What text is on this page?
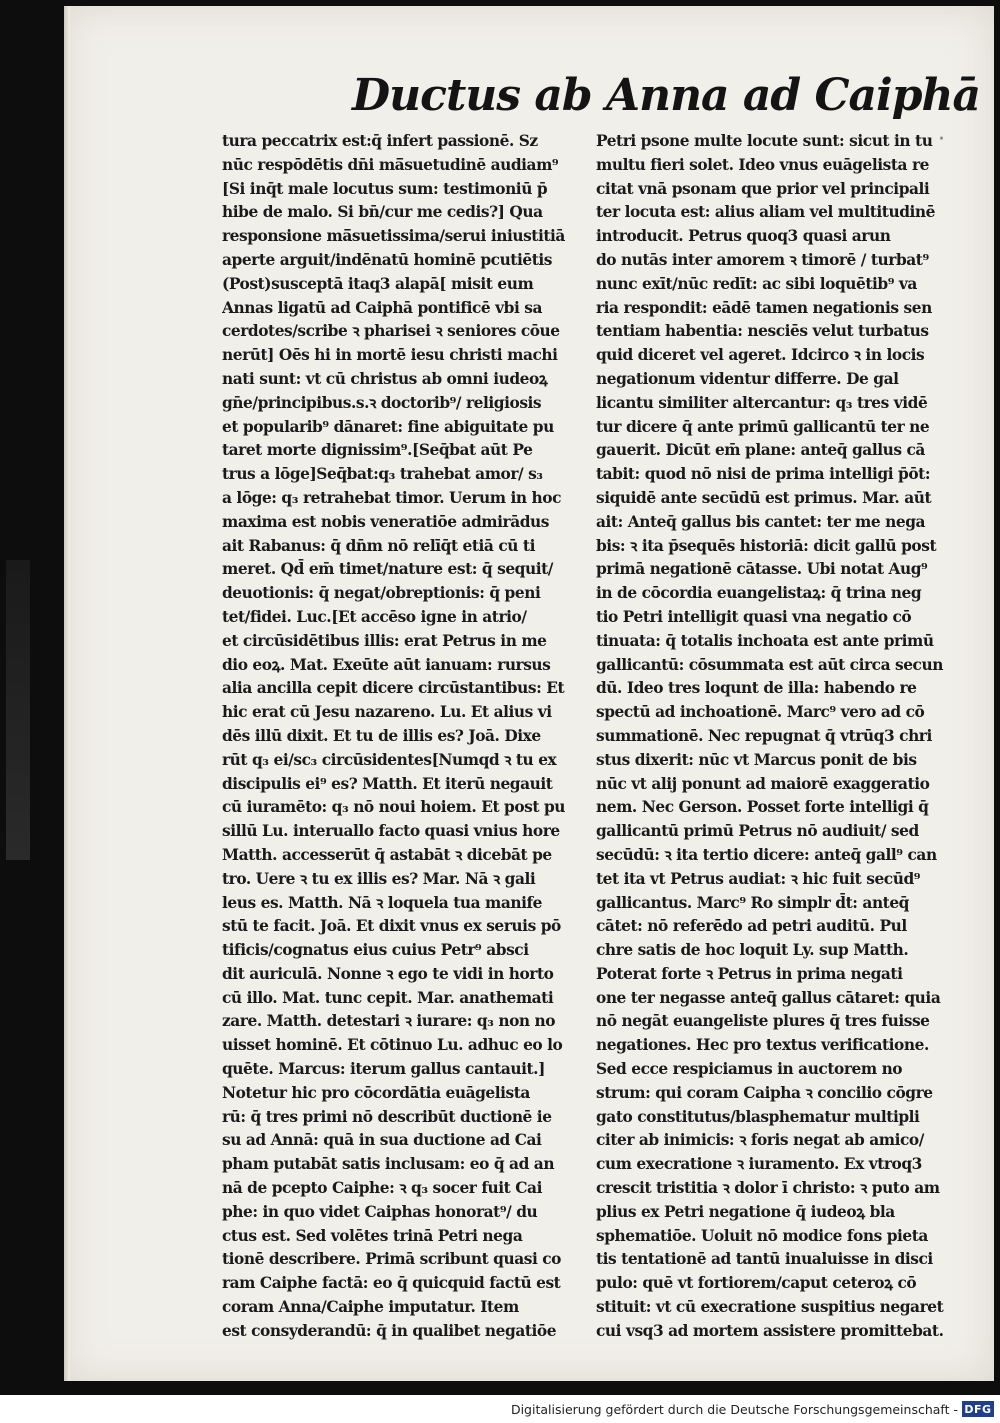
Ductus ab Anna ad Caiphā
·
tura peccatrix est:q̄ infert passionē. Sz
nūc respōdētis dn̄i mā̄suetudinē audiam⁹
[Si inq̄t male locutus sum: testimoniū p̄
hibe de malo. Si bn̄/cur me cedis?] Qua
responsione mā̄suetissima/serui iniustitiā
aperte arguit/indēnatū hominē pcutiētis
(Post)susceptā itaq3 alapā[ misit eum
Annas ligatū ad Caiphā pontificē vbi sa
cerdotes/scribe ꝛ pharisei ꝛ seniores cōue
nerūt] Oēs hi in mortē iesu christi machi
nati sunt: vt cū christus ab omni iudeoꝝ
gn̄e/principibus.s.ꝛ doctorib⁹/ religiosis
et popularib⁹ dānaret: fine abiguitate pu
taret morte dignissim⁹.[Seq̄bat aūt Pe
trus a lōge]Seq̄bat:q₃ trahebat amor/ s₃
a lōge: q₃ retrahebat timor. Uerum in hoc
maxima est nobis veneratiōe admirādus
ait Rabanus: q̄ dn̄m nō relīq̄t etiā cū ti
meret. Qd̄ em̄ timet/nature est: q̄ sequit/
deuotionis: q̄ negat/obreptionis: q̄ peni
tet/fidei. Luc.[Et accēso igne in atrio/
et circūsidētibus illis: erat Petrus in me
dio eoꝝ. Mat. Exeūte aūt ianuam: rursus
alia ancilla cepit dicere circūstantibus: Et
hic erat cū Jesu nazareno. Lu. Et alius vi
dēs illū dixit. Et tu de illis es? Joā. Dixe
rūt q₃ ei/sc₃ circūsidentes[Numqd ꝛ tu ex
discipulis ei⁹ es? Matth. Et iterū negauit
cū iuramēto: q₃ nō noui hoiem. Et post pu
sillū Lu. interuallo facto quasi vnius hore
Matth. accesserūt q̄ astabāt ꝛ dicebāt pe
tro. Uere ꝛ tu ex illis es? Mar. Nā ꝛ gali
leus es. Matth. Nā ꝛ loquela tua manife
stū te facit. Joā. Et dixit vnus ex seruis pō
tificis/cognatus eius cuius Petr⁹ absci
dit auriculā. Nonne ꝛ ego te vidi in horto
cū illo. Mat. tunc cepit. Mar. anathemati
zare. Matth. detestari ꝛ iurare: q₃ non no
uisset hominē. Et cōtinuo Lu. adhuc eo lo
quēte. Marcus: iterum gallus cantauit.]
Notetur hic pro cōcordātia euāgelista
rū: q̄ tres primi nō describūt ductionē ie
su ad Annā: quā in sua ductione ad Cai
pham putabāt satis inclusam: eo q̄ ad an
nā de pcepto Caiphe: ꝛ q₃ socer fuit Cai
phe: in quo videt Caiphas honorat⁹/ du
ctus est. Sed volētes trinā Petri nega
tionē describere. Primā scribunt quasi co
ram Caiphe factā: eo q̄ quicquid factū est
coram Anna/Caiphe imputatur. Item
est consyderandū: q̄ in qualibet negatiōe
Petri psone multe locute sunt: sicut in tu
multu fieri solet. Ideo vnus euāgelista re
citat vnā psonam que prior vel principali
ter locuta est: alius aliam vel multitudinē
introducit. Petrus quoq3 quasi arun
do nutās inter amorem ꝛ timorē / turbat⁹
nunc exīt/nūc redīt: ac sibi loquētib⁹ va
ria respondit: eādē tamen negationis sen
tentiam habentia: nesciēs velut turbatus
quid diceret vel ageret. Idcirco ꝛ in locis
negationum videntur differre. De gal
licantu similiter altercantur: q₃ tres vidē
tur dicere q̄ ante primū gallicantū ter ne
gauerit. Dicūt em̄ plane: anteq̄ gallus cā
tabit: quod nō nisi de prima intelligi p̄ōt:
siquidē ante secūdū est primus. Mar. aūt
ait: Anteq̄ gallus bis cantet: ter me nega
bis: ꝛ ita p̄sequēs historiā: dicit gallū post
primā negationē cātasse. Ubi notat Aug⁹
in de cōcordia euangelistaꝝ: q̄ trina neg
tio Petri intelligit quasi vna negatio cō
tinuata: q̄ totalis inchoata est ante primū
gallicantū: cōsummata est aūt circa secun
dū. Ideo tres loqunt de illa: habendo re
spectū ad inchoationē. Marc⁹ vero ad cō
summationē. Nec repugnat q̄ vtrūq3 chri
stus dixerit: nūc vt Marcus ponit de bis
nūc vt alij ponunt ad maiorē exaggeratio
nem. Nec Gerson. Posset forte intelligi q̄
gallicantū primū Petrus nō audiuit/ sed
secūdū: ꝛ ita tertio dicere: anteq̄ gall⁹ can
tet ita vt Petrus audiat: ꝛ hic fuit secūd⁹
gallicantus. Marc⁹ Ro simplr d̄t: anteq̄
cātet: nō referēdo ad petri auditū. Pul
chre satis de hoc loquit Ly. sup Matth.
Poterat forte ꝛ Petrus in prima negati
one ter negasse anteq̄ gallus cātaret: quia
nō negāt euangeliste plures q̄ tres fuisse
negationes. Hec pro textus verificatione.
Sed ecce respiciamus in auctorem no
strum: qui coram Caipha ꝛ concilio cōgre
gato constitutus/blasphematur multipli
citer ab inimicis: ꝛ foris negat ab amico/
cum execratione ꝛ iuramento. Ex vtroq3
crescit tristitia ꝛ dolor ī christo: ꝛ puto am
plius ex Petri negatione q̄ iudeoꝝ bla
sphematiōe. Uoluit nō modice fons pieta
tis tentationē ad tantū inualuisse in disci
pulo: quē vt fortiorem/caput ceteroꝝ cō
stituit: vt cū execratione suspitius negaret
cui vsq3 ad mortem assistere promittebat.
Digitalisierung gefördert durch die Deutsche Forschungsgemeinschaft - DFG
